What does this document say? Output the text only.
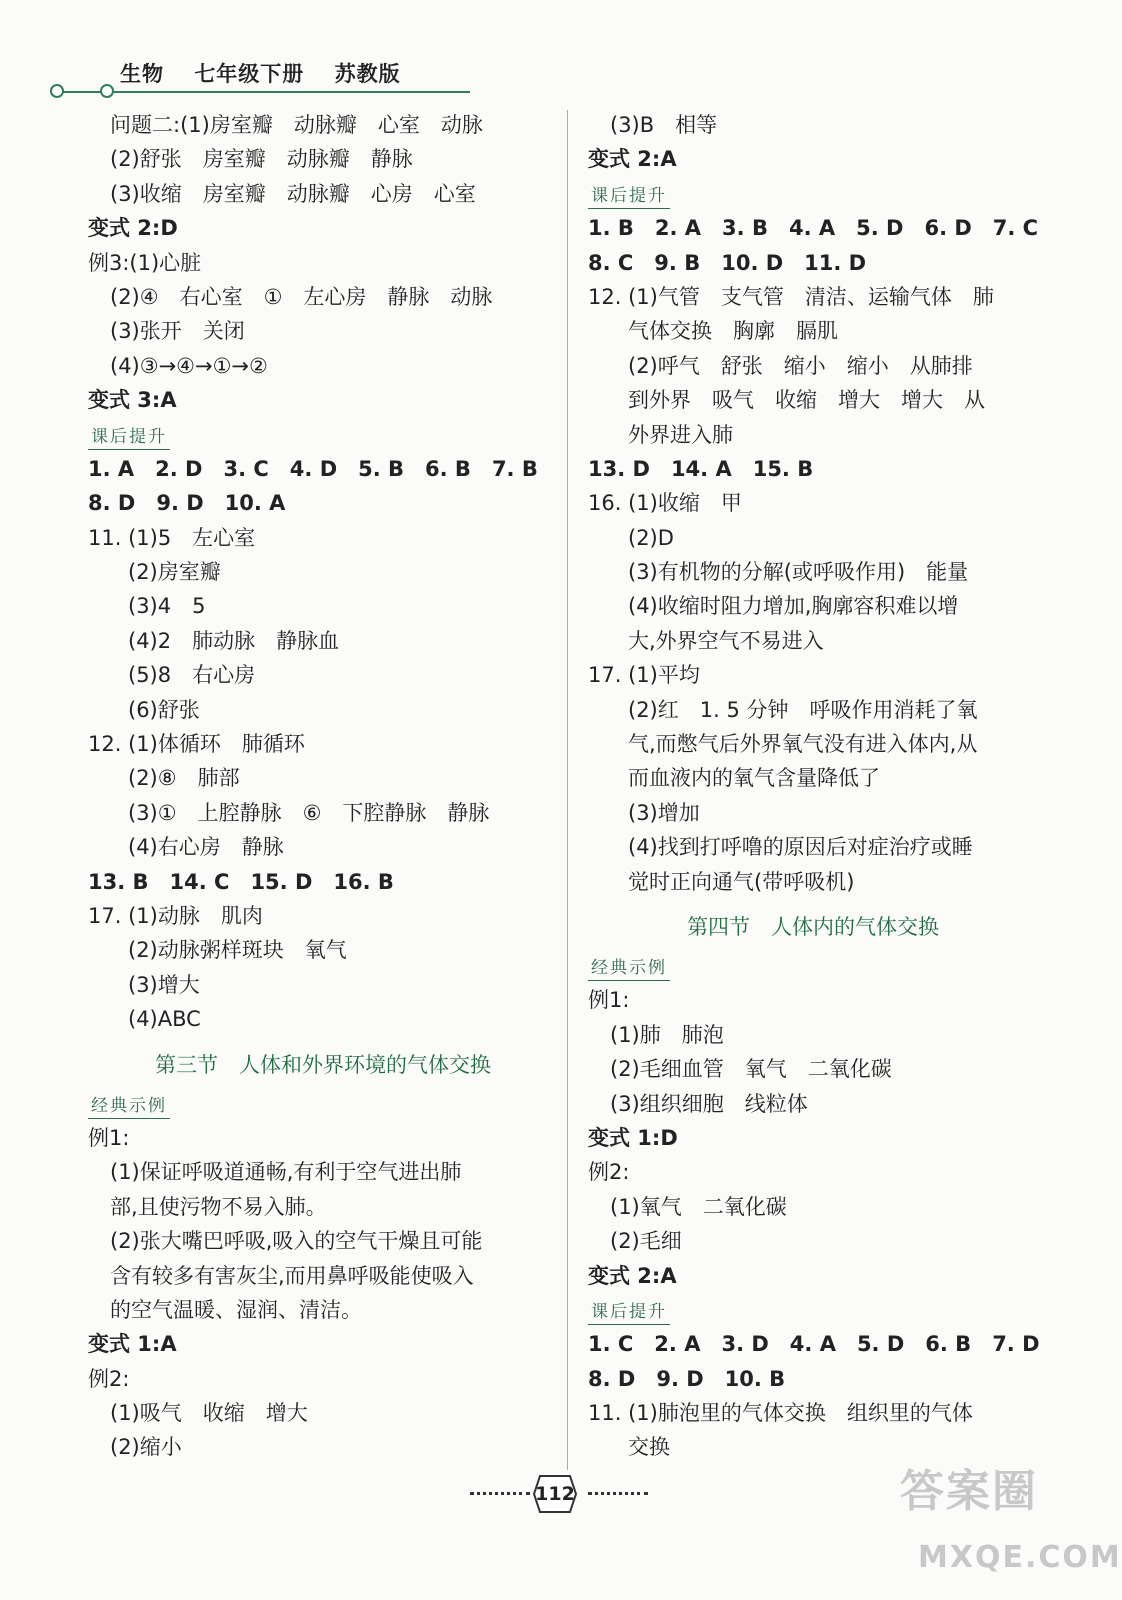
生物 七年级下册 苏教版
问题二:(1)房室瓣　动脉瓣　心室　动脉
(2)舒张　房室瓣　动脉瓣　静脉
(3)收缩　房室瓣　动脉瓣　心房　心室
变式 2:D
例3:(1)心脏
(2)④　右心室　①　左心房　静脉　动脉
(3)张开　关闭
(4)③→④→①→②
变式 3:A
课后提升
1. A　2. D　3. C　4. D　5. B　6. B　7. B
8. D　9. D　10. A
11. (1)5　左心室
(2)房室瓣
(3)4　5
(4)2　肺动脉　静脉血
(5)8　右心房
(6)舒张
12. (1)体循环　肺循环
(2)⑧　肺部
(3)①　上腔静脉　⑥　下腔静脉　静脉
(4)右心房　静脉
13. B　14. C　15. D　16. B
17. (1)动脉　肌肉
(2)动脉粥样斑块　氧气
(3)增大
(4)ABC
第三节　人体和外界环境的气体交换
经典示例
例1:
(1)保证呼吸道通畅,有利于空气进出肺
部,且使污物不易入肺。
(2)张大嘴巴呼吸,吸入的空气干燥且可能
含有较多有害灰尘,而用鼻呼吸能使吸入
的空气温暖、湿润、清洁。
变式 1:A
例2:
(1)吸气　收缩　增大
(2)缩小
(3)B　相等
变式 2:A
课后提升
1. B　2. A　3. B　4. A　5. D　6. D　7. C
8. C　9. B　10. D　11. D
12. (1)气管　支气管　清洁、运输气体　肺
气体交换　胸廓　膈肌
(2)呼气　舒张　缩小　缩小　从肺排
到外界　吸气　收缩　增大　增大　从
外界进入肺
13. D　14. A　15. B
16. (1)收缩　甲
(2)D
(3)有机物的分解(或呼吸作用)　能量
(4)收缩时阻力增加,胸廓容积难以增
大,外界空气不易进入
17. (1)平均
(2)红　1. 5 分钟　呼吸作用消耗了氧
气,而憋气后外界氧气没有进入体内,从
而血液内的氧气含量降低了
(3)增加
(4)找到打呼噜的原因后对症治疗或睡
觉时正向通气(带呼吸机)
第四节　人体内的气体交换
经典示例
例1:
(1)肺　肺泡
(2)毛细血管　氧气　二氧化碳
(3)组织细胞　线粒体
变式 1:D
例2:
(1)氧气　二氧化碳
(2)毛细
变式 2:A
课后提升
1. C　2. A　3. D　4. A　5. D　6. B　7. D
8. D　9. D　10. B
11. (1)肺泡里的气体交换　组织里的气体
交换
112	答案圈
MXQE.COM
